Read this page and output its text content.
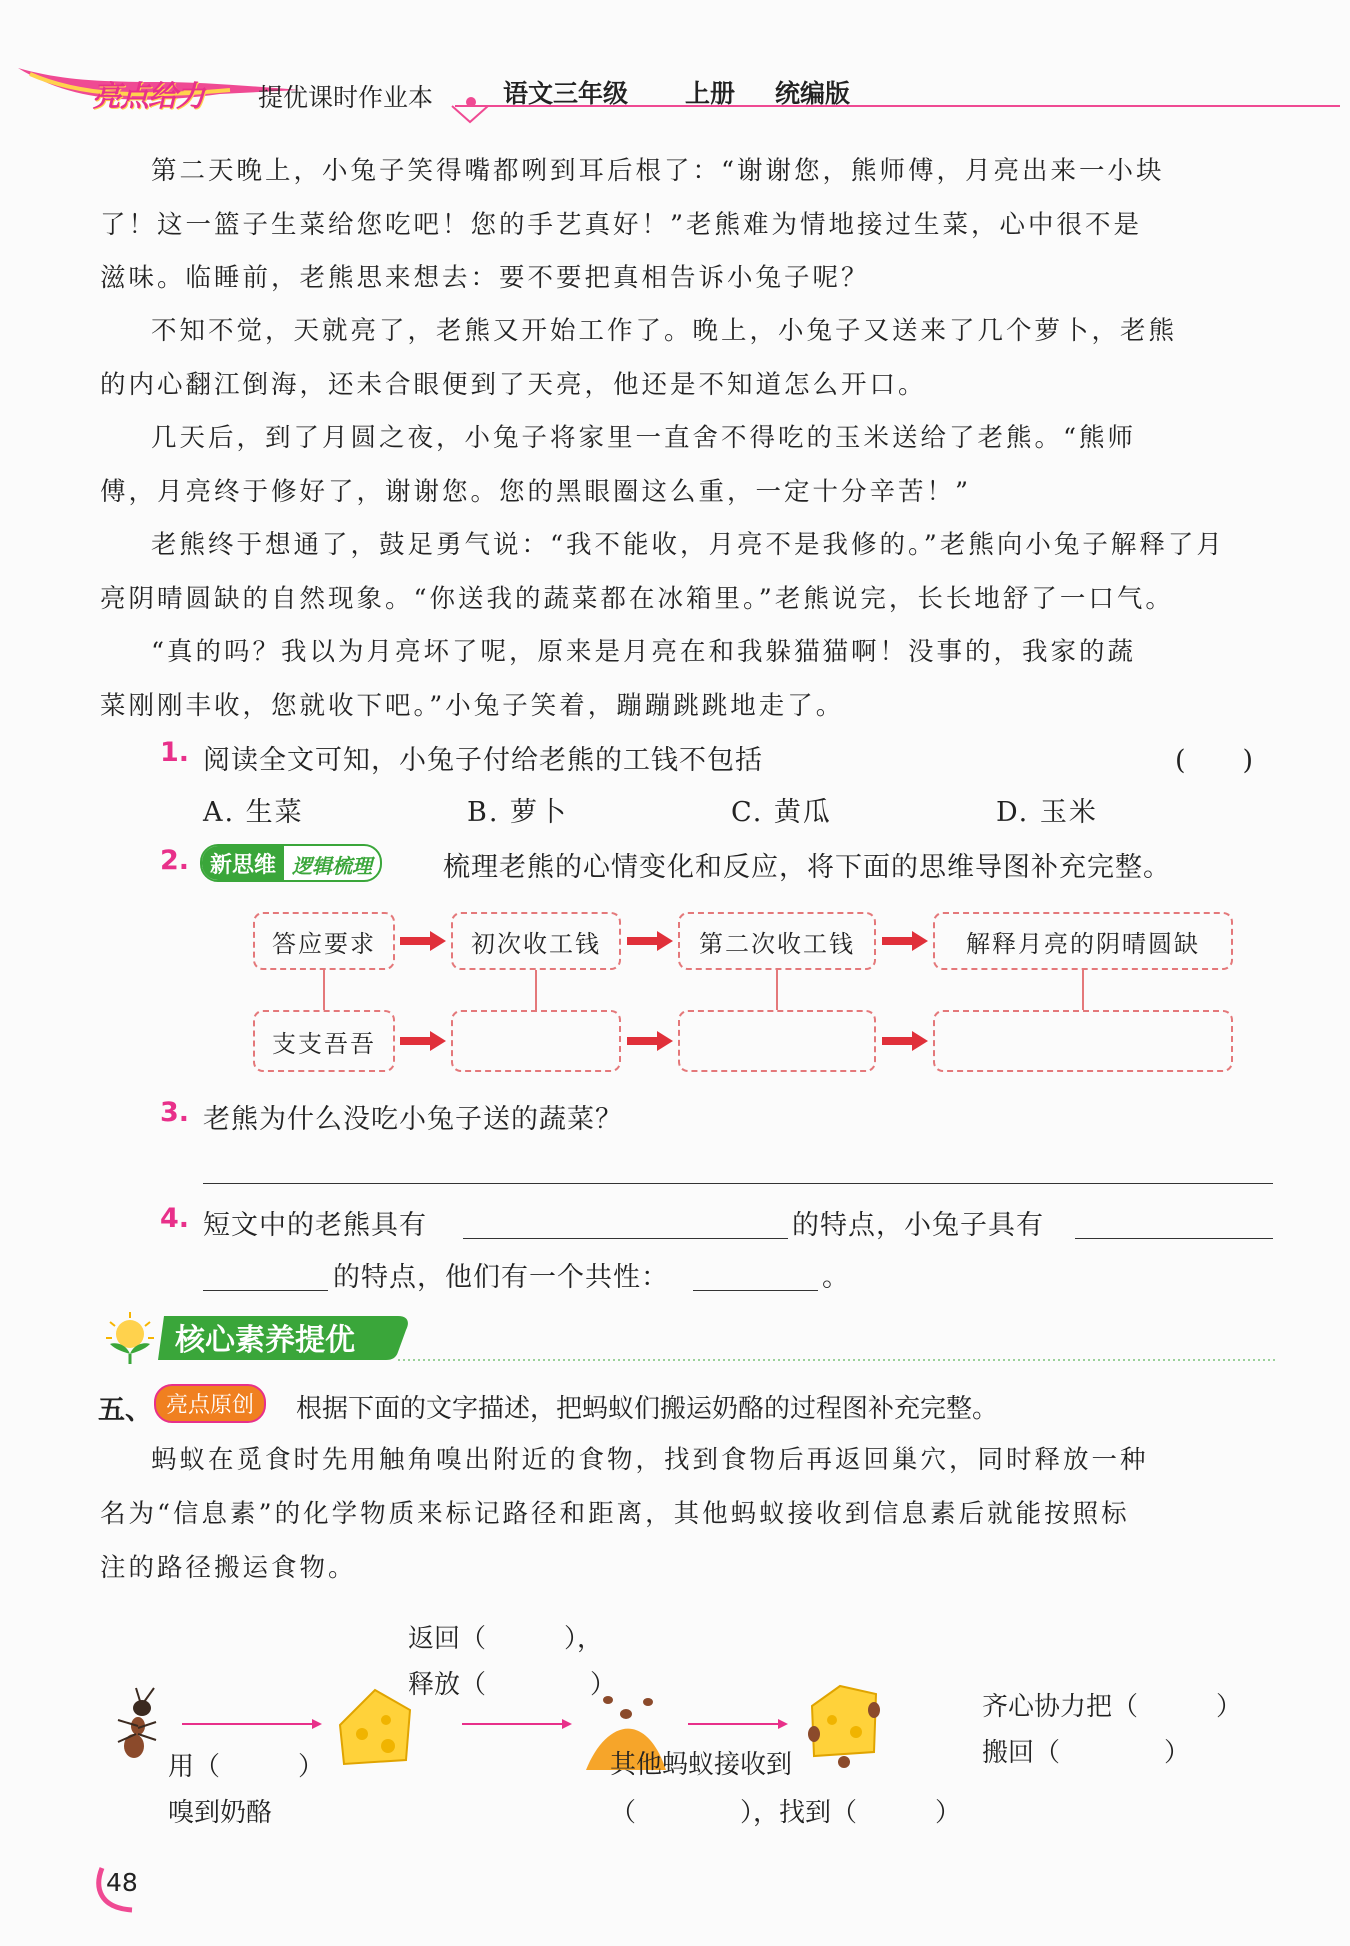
亮点给力 提优课时作业本	语文三年级 上册 统编版

第二天晚上，小兔子笑得嘴都咧到耳后根了：“谢谢您，熊师傅，月亮出来一小块
了！这一篮子生菜给您吃吧！您的手艺真好！”老熊难为情地接过生菜，心中很不是
滋味。临睡前，老熊思来想去：要不要把真相告诉小兔子呢？

不知不觉，天就亮了，老熊又开始工作了。晚上，小兔子又送来了几个萝卜，老熊
的内心翻江倒海，还未合眼便到了天亮，他还是不知道怎么开口。

几天后，到了月圆之夜，小兔子将家里一直舍不得吃的玉米送给了老熊。“熊师
傅，月亮终于修好了，谢谢您。您的黑眼圈这么重，一定十分辛苦！”

老熊终于想通了，鼓足勇气说：“我不能收，月亮不是我修的。”老熊向小兔子解释了月
亮阴晴圆缺的自然现象。“你送我的蔬菜都在冰箱里。”老熊说完，长长地舒了一口气。

“真的吗？我以为月亮坏了呢，原来是月亮在和我躲猫猫啊！没事的，我家的蔬
菜刚刚丰收，您就收下吧。”小兔子笑着，蹦蹦跳跳地走了。

1. 阅读全文可知，小兔子付给老熊的工钱不包括	(　　)
A. 生菜	B. 萝卜	C. 黄瓜	D. 玉米
2. 新思维 逻辑梳理	梳理老熊的心情变化和反应，将下面的思维导图补充完整。
答应要求	初次收工钱	第二次收工钱	解释月亮的阴晴圆缺
支支吾吾
3. 老熊为什么没吃小兔子送的蔬菜？
4. 短文中的老熊具有	的特点，小兔子具有
的特点，他们有一个共性：	。
核心素养提优
五、 亮点原创	根据下面的文字描述，把蚂蚁们搬运奶酪的过程图补充完整。

蚂蚁在觅食时先用触角嗅出附近的食物，找到食物后再返回巢穴，同时释放一种
名为“信息素”的化学物质来标记路径和距离，其他蚂蚁接收到信息素后就能按照标
注的路径搬运食物。

返回（　　　），
释放（　　　　）
用（　　　）
嗅到奶酪
其他蚂蚁接收到
（　　　　），找到（　　　）
齐心协力把（　　　）
搬回（　　　　）
48
